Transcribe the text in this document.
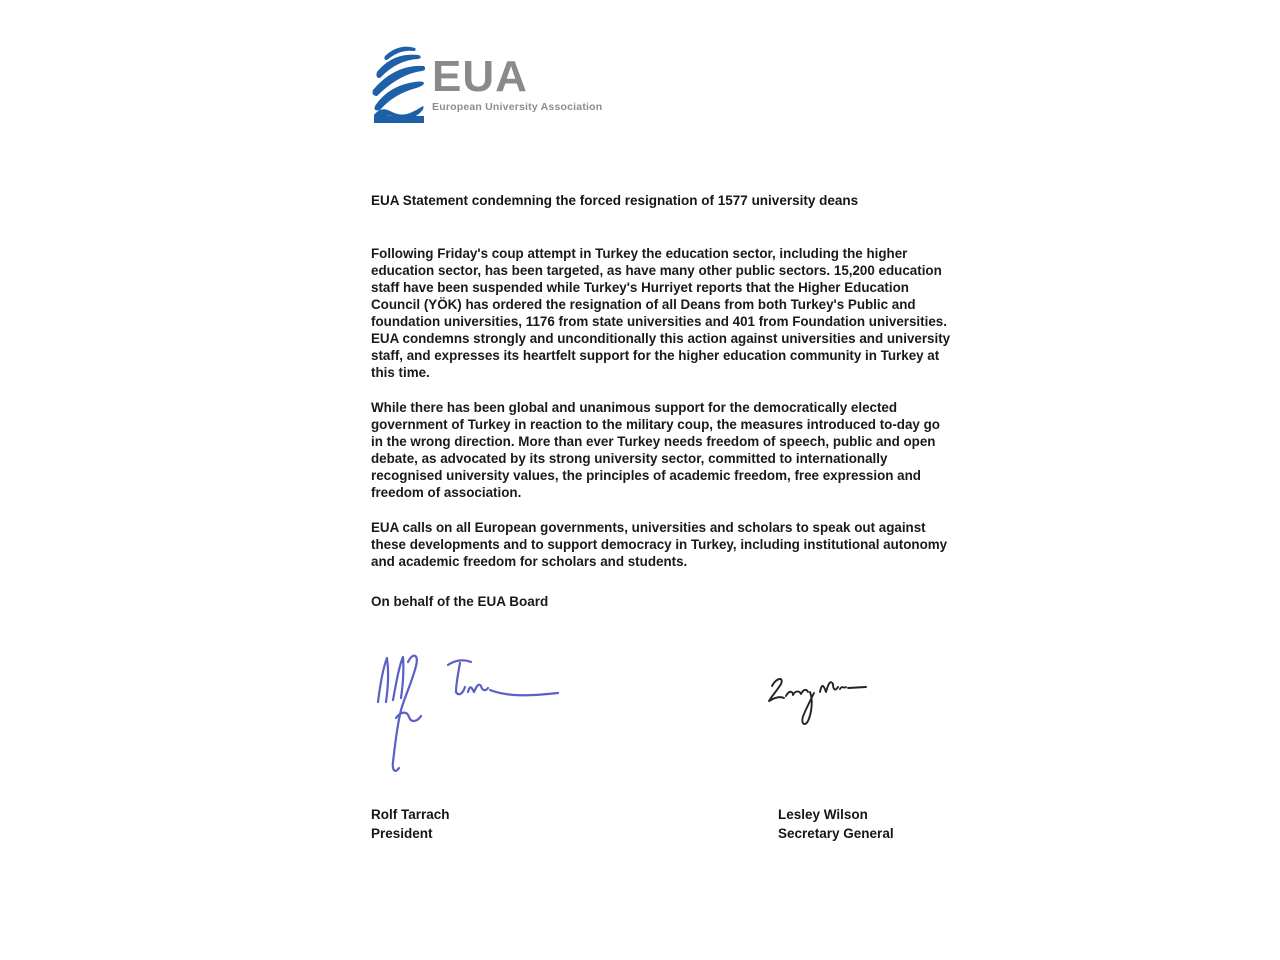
EUA
European University Association
EUA Statement condemning the forced resignation of 1577 university deans

Following Friday's coup attempt in Turkey the education sector, including the higher education sector, has been targeted, as have many other public sectors. 15,200 education staff have been suspended while Turkey's Hurriyet reports that the Higher Education Council (YÖK) has ordered the resignation of all Deans from both Turkey's Public and foundation universities, 1176 from state universities and 401 from Foundation universities. EUA condemns strongly and unconditionally this action against universities and university staff, and expresses its heartfelt support for the higher education community in Turkey at this time.

While there has been global and unanimous support for the democratically elected government of Turkey in reaction to the military coup, the measures introduced to-day go in the wrong direction. More than ever Turkey needs freedom of speech, public and open debate, as advocated by its strong university sector, committed to internationally recognised university values, the principles of academic freedom, free expression and freedom of association.

EUA calls on all European governments, universities and scholars to speak out against these developments and to support democracy in Turkey, including institutional autonomy and academic freedom for scholars and students.

On behalf of the EUA Board
Rolf Tarrach
President
Lesley Wilson
Secretary General
